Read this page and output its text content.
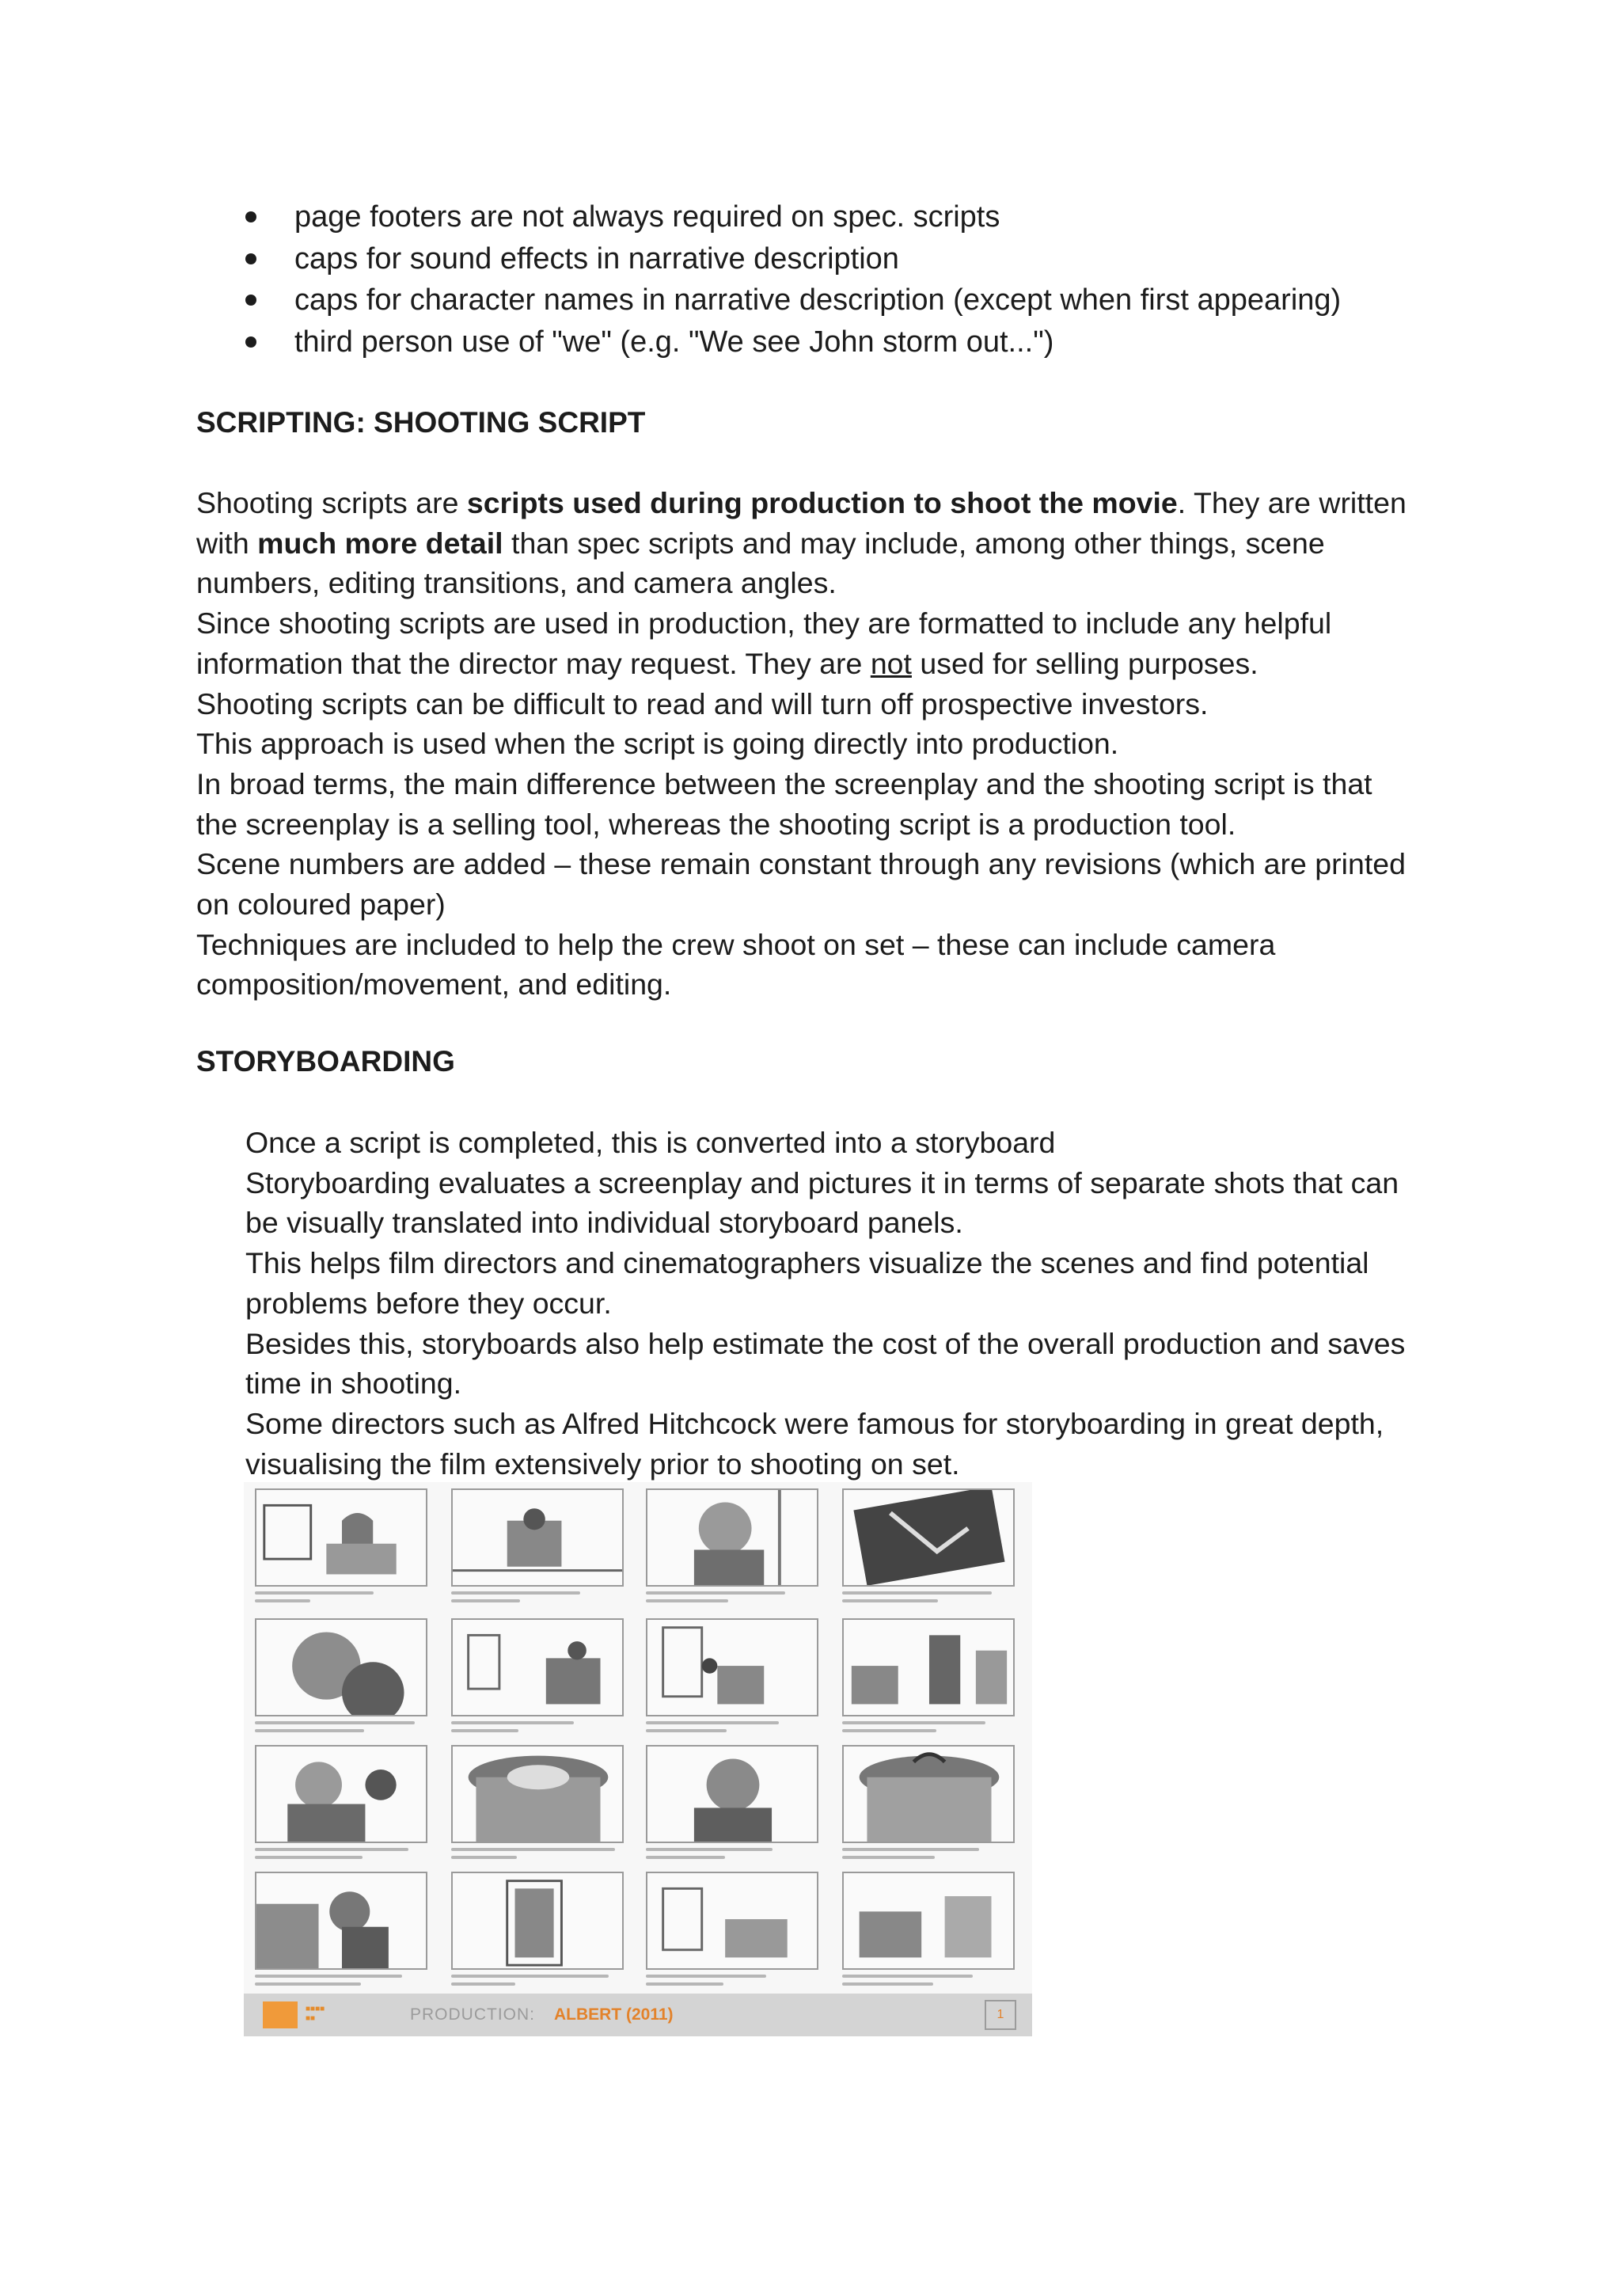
page footers are not always required on spec. scripts
caps for sound effects in narrative description
caps for character names in narrative description (except when first appearing)
third person use of "we" (e.g. "We see John storm out...")
SCRIPTING: SHOOTING SCRIPT

Shooting scripts are scripts used during production to shoot the movie. They are written

with much more detail than spec scripts and may include, among other things, scene

numbers, editing transitions, and camera angles.

Since shooting scripts are used in production, they are formatted to include any helpful

information that the director may request. They are not used for selling purposes.

Shooting scripts can be difficult to read and will turn off prospective investors.

This approach is used when the script is going directly into production.

In broad terms, the main difference between the screenplay and the shooting script is that

the screenplay is a selling tool, whereas the shooting script is a production tool.

Scene numbers are added – these remain constant through any revisions (which are printed

on coloured paper)

Techniques are included to help the crew shoot on set – these can include camera

composition/movement, and editing.

STORYBOARDING

Once a script is completed, this is converted into a storyboard

Storyboarding evaluates a screenplay and pictures it in terms of separate shots that can

be visually translated into individual storyboard panels.

This helps film directors and cinematographers visualize the scenes and find potential

problems before they occur.

Besides this, storyboards also help estimate the cost of the overall production and saves

time in shooting.

Some directors such as Alfred Hitchcock were famous for storyboarding in great depth,

visualising the film extensively prior to shooting on set.

■■■■
■■	PRODUCTION: ALBERT (2011)	1
